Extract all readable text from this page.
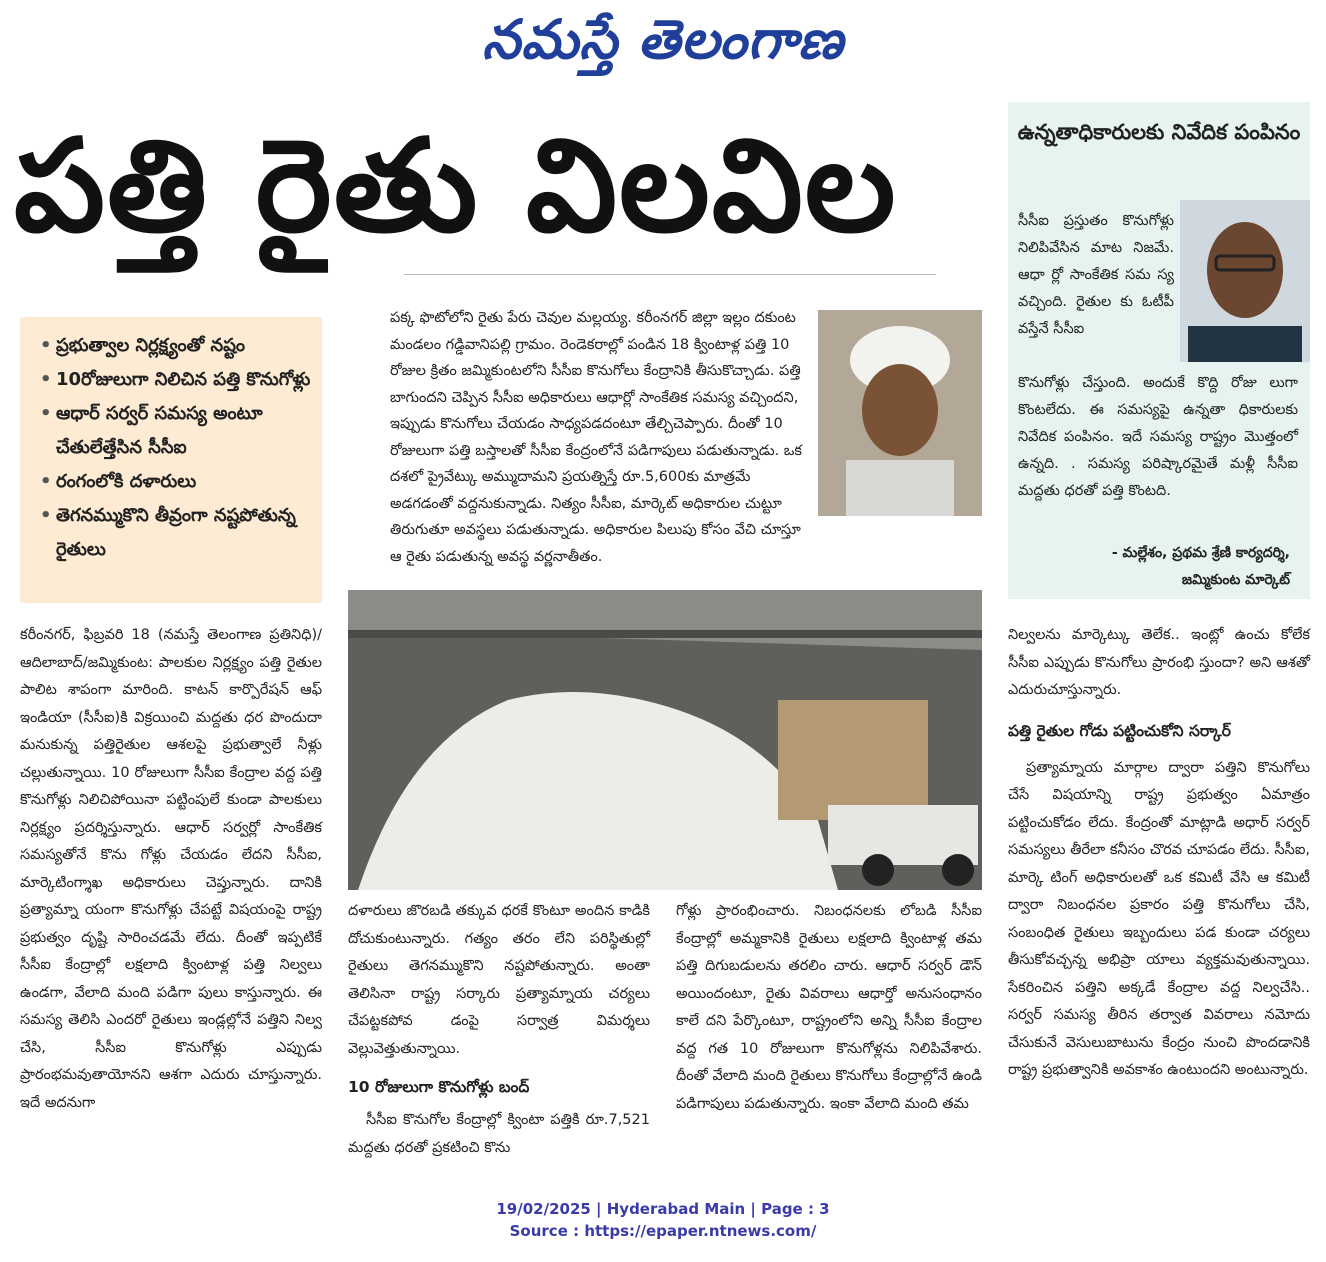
నమస్తే తెలంగాణ
పత్తి రైతు విలవిల
• ప్రభుత్వాల నిర్లక్ష్యంతో నష్టం
• 10రోజులుగా నిలిచిన పత్తి కొనుగోళ్లు
• ఆధార్ సర్వర్ సమస్య అంటూ చేతులేత్తేసిన సీసీఐ
• రంగంలోకి దళారులు
• తెగనమ్ముకొని తీవ్రంగా నష్టపోతున్న రైతులు
పక్క ఫొటోలోని రైతు పేరు చెవుల మల్లయ్య. కరీంనగర్ జిల్లా ఇల్లం దకుంట మండలం గడ్డివానిపల్లి గ్రామం. రెండెకరాల్లో పండిన 18 క్వింటాళ్ల పత్తి 10 రోజుల క్రితం జమ్మికుంటలోని సీసీఐ కొనుగోలు కేంద్రానికి తీసుకొచ్చాడు. పత్తి బాగుందని చెప్పిన సీసీఐ అధికారులు ఆధార్లో సాంకేతిక సమస్య వచ్చిందని, ఇప్పుడు కొనుగోలు చేయడం సాధ్యపడదంటూ తేల్చిచెప్పారు. దీంతో 10 రోజులుగా పత్తి బస్తాలతో సీసీఐ కేంద్రంలోనే పడిగాపులు పడుతున్నాడు. ఒక దశలో ప్రైవేట్కు అమ్ముదామని ప్రయత్నిస్తే రూ.5,600కు మాత్రమే అడగడంతో వద్దనుకున్నాడు. నిత్యం సీసీఐ, మార్కెట్ అధికారుల చుట్టూ తిరుగుతూ అవస్థలు పడుతున్నాడు. అధికారుల పిలుపు కోసం వేచి చూస్తూ ఆ రైతు పడుతున్న అవస్థ వర్ణనాతీతం.
ఉన్నతాధికారులకు నివేదిక పంపినం
సీసీఐ ప్రస్తుతం కొనుగోళ్లు నిలిపివేసిన మాట నిజమే. ఆధా ర్లో సాంకేతిక సమ స్య వచ్చింది. రైతుల కు ఓటీపీ వస్తేనే సీసీఐ
కొనుగోళ్లు చేస్తుంది. అందుకే కొద్ది రోజు లుగా కొంటలేదు. ఈ సమస్యపై ఉన్నతా ధికారులకు నివేదిక పంపినం. ఇదే సమస్య రాష్ట్రం మొత్తంలో ఉన్నది. . సమస్య పరిష్కారమైతే మళ్లీ సీసీఐ మద్దతు ధరతో పత్తి కొంటది.
- మల్లేశం, ప్రథమ శ్రేణి కార్యదర్శి,
జమ్మికుంట మార్కెట్
కరీంనగర్, ఫిబ్రవరి 18 (నమస్తే తెలంగాణ ప్రతినిధి)/ఆదిలాబాద్/జమ్మికుంట: పాలకుల నిర్లక్ష్యం పత్తి రైతుల పాలిట శాపంగా మారింది. కాటన్ కార్పొరేషన్ ఆఫ్ ఇండియా (సీసీఐ)కి విక్రయించి మద్దతు ధర పొందుదా మనుకున్న పత్తిరైతుల ఆశలపై ప్రభుత్వాలే నీళ్లు చల్లుతున్నాయి. 10 రోజులుగా సీసీఐ కేంద్రాల వద్ద పత్తి కొనుగోళ్లు నిలిచిపోయినా పట్టింపులే కుండా పాలకులు నిర్లక్ష్యం ప్రదర్శిస్తున్నారు. ఆధార్ సర్వర్లో సాంకేతిక సమస్యతోనే కొను గోళ్లు చేయడం లేదని సీసీఐ, మార్కెటింగ్శాఖ అధికారులు చెప్తున్నారు. దానికి ప్రత్యామ్నా యంగా కొనుగోళ్లు చేపట్టే విషయంపై రాష్ట్ర ప్రభుత్వం దృష్టి సారించడమే లేదు. దీంతో ఇప్పటికే సీసీఐ కేంద్రాల్లో లక్షలాది క్వింటాళ్ల పత్తి నిల్వలు ఉండగా, వేలాది మంది పడిగా పులు కాస్తున్నారు. ఈ సమస్య తెలిసి ఎందరో రైతులు ఇండ్లల్లోనే పత్తిని నిల్వ చేసి, సీసీఐ కొనుగోళ్లు ఎప్పుడు ప్రారంభమవుతాయోనని ఆశగా ఎదురు చూస్తున్నారు. ఇదే అదనుగా
దళారులు జొరబడి తక్కువ ధరకే కొంటూ అందిన కాడికి దోచుకుంటున్నారు. గత్యం తరం లేని పరిస్థితుల్లో రైతులు తెగనమ్ముకొని నష్టపోతున్నారు. అంతా తెలిసినా రాష్ట్ర సర్కారు ప్రత్యామ్నాయ చర్యలు చేపట్టకపోవ డంపై సర్వాత్ర విమర్శలు వెల్లువెత్తుతున్నాయి.
10 రోజులుగా కొనుగోళ్లు బంద్
సీసీఐ కొనుగోల కేంద్రాల్లో క్వింటా పత్తికి రూ.7,521 మద్దతు ధరతో ప్రకటించి కొను
గోళ్లు ప్రారంభించారు. నిబంధనలకు లోబడి సీసీఐ కేంద్రాల్లో అమ్మకానికి రైతులు లక్షలాది క్వింటాళ్ల తమ పత్తి దిగుబడులను తరలిం చారు. ఆధార్ సర్వర్ డౌన్ అయిందంటూ, రైతు వివరాలు ఆధార్తో అనుసంధానం కాలే దని పేర్కొంటూ, రాష్ట్రంలోని అన్ని సీసీఐ కేంద్రాల వద్ద గత 10 రోజులుగా కొనుగోళ్లను నిలిపివేశారు. దీంతో వేలాది మంది రైతులు కొనుగోలు కేంద్రాల్లోనే ఉండి పడిగాపులు పడుతున్నారు. ఇంకా వేలాది మంది తమ
నిల్వలను మార్కెట్కు తెలేక.. ఇంట్లో ఉంచు కోలేక సీసీఐ ఎప్పుడు కొనుగోలు ప్రారంభి స్తుందా? అని ఆశతో ఎదురుచూస్తున్నారు.
పత్తి రైతుల గోడు పట్టించుకోని సర్కార్
ప్రత్యామ్నాయ మార్గాల ద్వారా పత్తిని కొనుగోలు చేసే విషయాన్ని రాష్ట్ర ప్రభుత్వం ఏమాత్రం పట్టించుకోడం లేదు. కేంద్రంతో మాట్లాడి అధార్ సర్వర్ సమస్యలు తీరేలా కనీసం చొరవ చూపడం లేదు. సీసీఐ, మార్కె టింగ్ అధికారులతో ఒక కమిటీ వేసి ఆ కమిటీ ద్వారా నిబంధనల ప్రకారం పత్తి కొనుగోలు చేసి, సంబంధిత రైతులు ఇబ్బందులు పడ కుండా చర్యలు తీసుకోవచ్చన్న అభిప్రా యాలు వ్యక్తమవుతున్నాయి. సేకరించిన పత్తిని అక్కడే కేంద్రాల వద్ద నిల్వచేసి.. సర్వర్ సమస్య తీరిన తర్వాత వివరాలు నమోదు చేసుకునే వెసులుబాటును కేంద్రం నుంచి పొందడానికి రాష్ట్ర ప్రభుత్వానికి అవకాశం ఉంటుందని అంటున్నారు.
19/02/2025 | Hyderabad Main | Page : 3
Source : https://epaper.ntnews.com/
